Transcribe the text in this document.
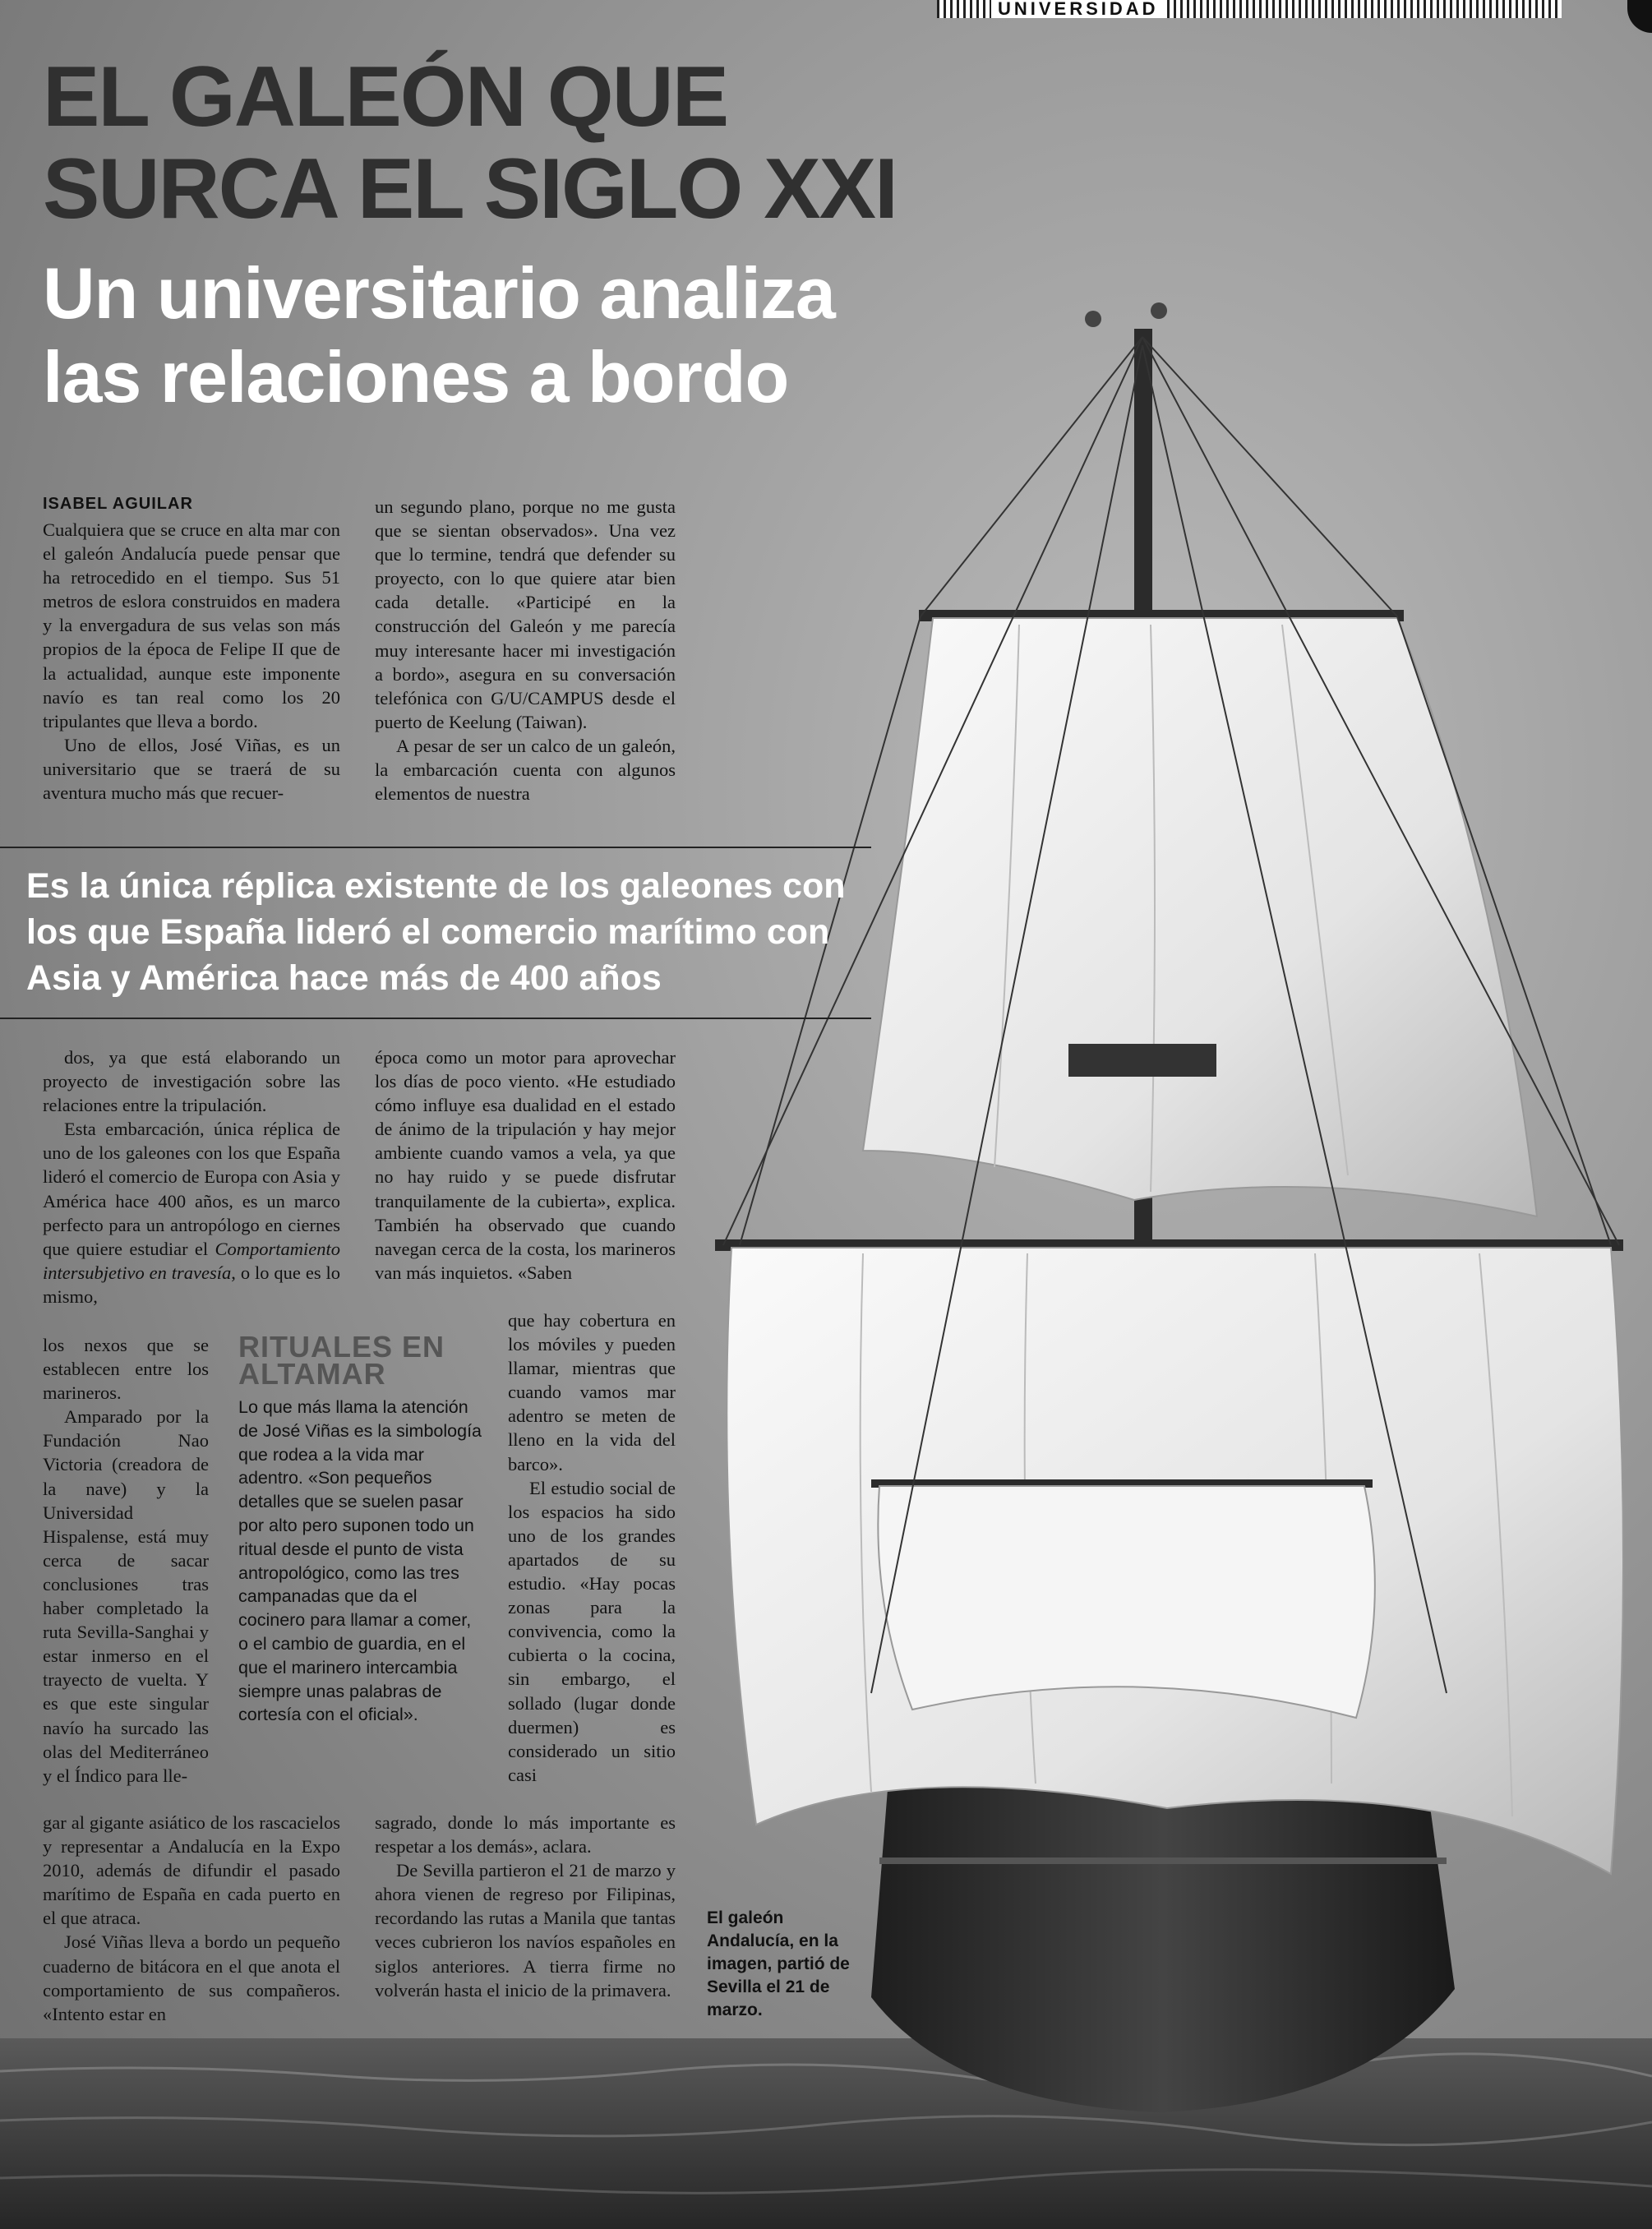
UNIVERSIDAD
EL GALEÓN QUE SURCA EL SIGLO XXI
Un universitario analiza las relaciones a bordo
ISABEL AGUILAR

Cualquiera que se cruce en alta mar con el galeón Andalucía puede pensar que ha retrocedido en el tiempo. Sus 51 metros de eslora construidos en madera y la envergadura de sus velas son más propios de la época de Felipe II que de la actualidad, aunque este imponente navío es tan real como los 20 tripulantes que lleva a bordo.

Uno de ellos, José Viñas, es un universitario que se traerá de su aventura mucho más que recuer-

un segundo plano, porque no me gusta que se sientan observados». Una vez que lo termine, tendrá que defender su proyecto, con lo que quiere atar bien cada detalle. «Participé en la construcción del Galeón y me parecía muy interesante hacer mi investigación a bordo», asegura en su conversación telefónica con G/U/CAMPUS desde el puerto de Keelung (Taiwan).

A pesar de ser un calco de un galeón, la embarcación cuenta con algunos elementos de nuestra

Es la única réplica existente de los galeones con los que España lideró el comercio marítimo con Asia y América hace más de 400 años

dos, ya que está elaborando un proyecto de investigación sobre las relaciones entre la tripulación.

Esta embarcación, única réplica de uno de los galeones con los que España lideró el comercio de Europa con Asia y América hace 400 años, es un marco perfecto para un antropólogo en ciernes que quiere estudiar el Comportamiento intersubjetivo en travesía, o lo que es lo mismo,

los nexos que se establecen entre los marineros.

Amparado por la Fundación Nao Victoria (creadora de la nave) y la Universidad Hispalense, está muy cerca de sacar conclusiones tras haber completado la ruta Sevilla-Sanghai y estar inmerso en el trayecto de vuelta. Y es que este singular navío ha surcado las olas del Mediterráneo y el Índico para lle-

gar al gigante asiático de los rascacielos y representar a Andalucía en la Expo 2010, además de difundir el pasado marítimo de España en cada puerto en el que atraca.

José Viñas lleva a bordo un pequeño cuaderno de bitácora en el que anota el comportamiento de sus compañeros. «Intento estar en

RITUALES EN ALTAMAR
Lo que más llama la atención de José Viñas es la simbología que rodea a la vida mar adentro. «Son pequeños detalles que se suelen pasar por alto pero suponen todo un ritual desde el punto de vista antropológico, como las tres campanadas que da el cocinero para llamar a comer, o el cambio de guardia, en el que el marinero intercambia siempre unas palabras de cortesía con el oficial».

época como un motor para aprovechar los días de poco viento. «He estudiado cómo influye esa dualidad en el estado de ánimo de la tripulación y hay mejor ambiente cuando vamos a vela, ya que no hay ruido y se puede disfrutar tranquilamente de la cubierta», explica. También ha observado que cuando navegan cerca de la costa, los marineros van más inquietos. «Saben

que hay cobertura en los móviles y pueden llamar, mientras que cuando vamos mar adentro se meten de lleno en la vida del barco».

El estudio social de los espacios ha sido uno de los grandes apartados de su estudio. «Hay pocas zonas para la convivencia, como la cubierta o la cocina, sin embargo, el sollado (lugar donde duermen) es considerado un sitio casi

sagrado, donde lo más importante es respetar a los demás», aclara.

De Sevilla partieron el 21 de marzo y ahora vienen de regreso por Filipinas, recordando las rutas a Manila que tantas veces cubrieron los navíos españoles en siglos anteriores. A tierra firme no volverán hasta el inicio de la primavera.

El galeón Andalucía, en la imagen, partió de Sevilla el 21 de marzo.
